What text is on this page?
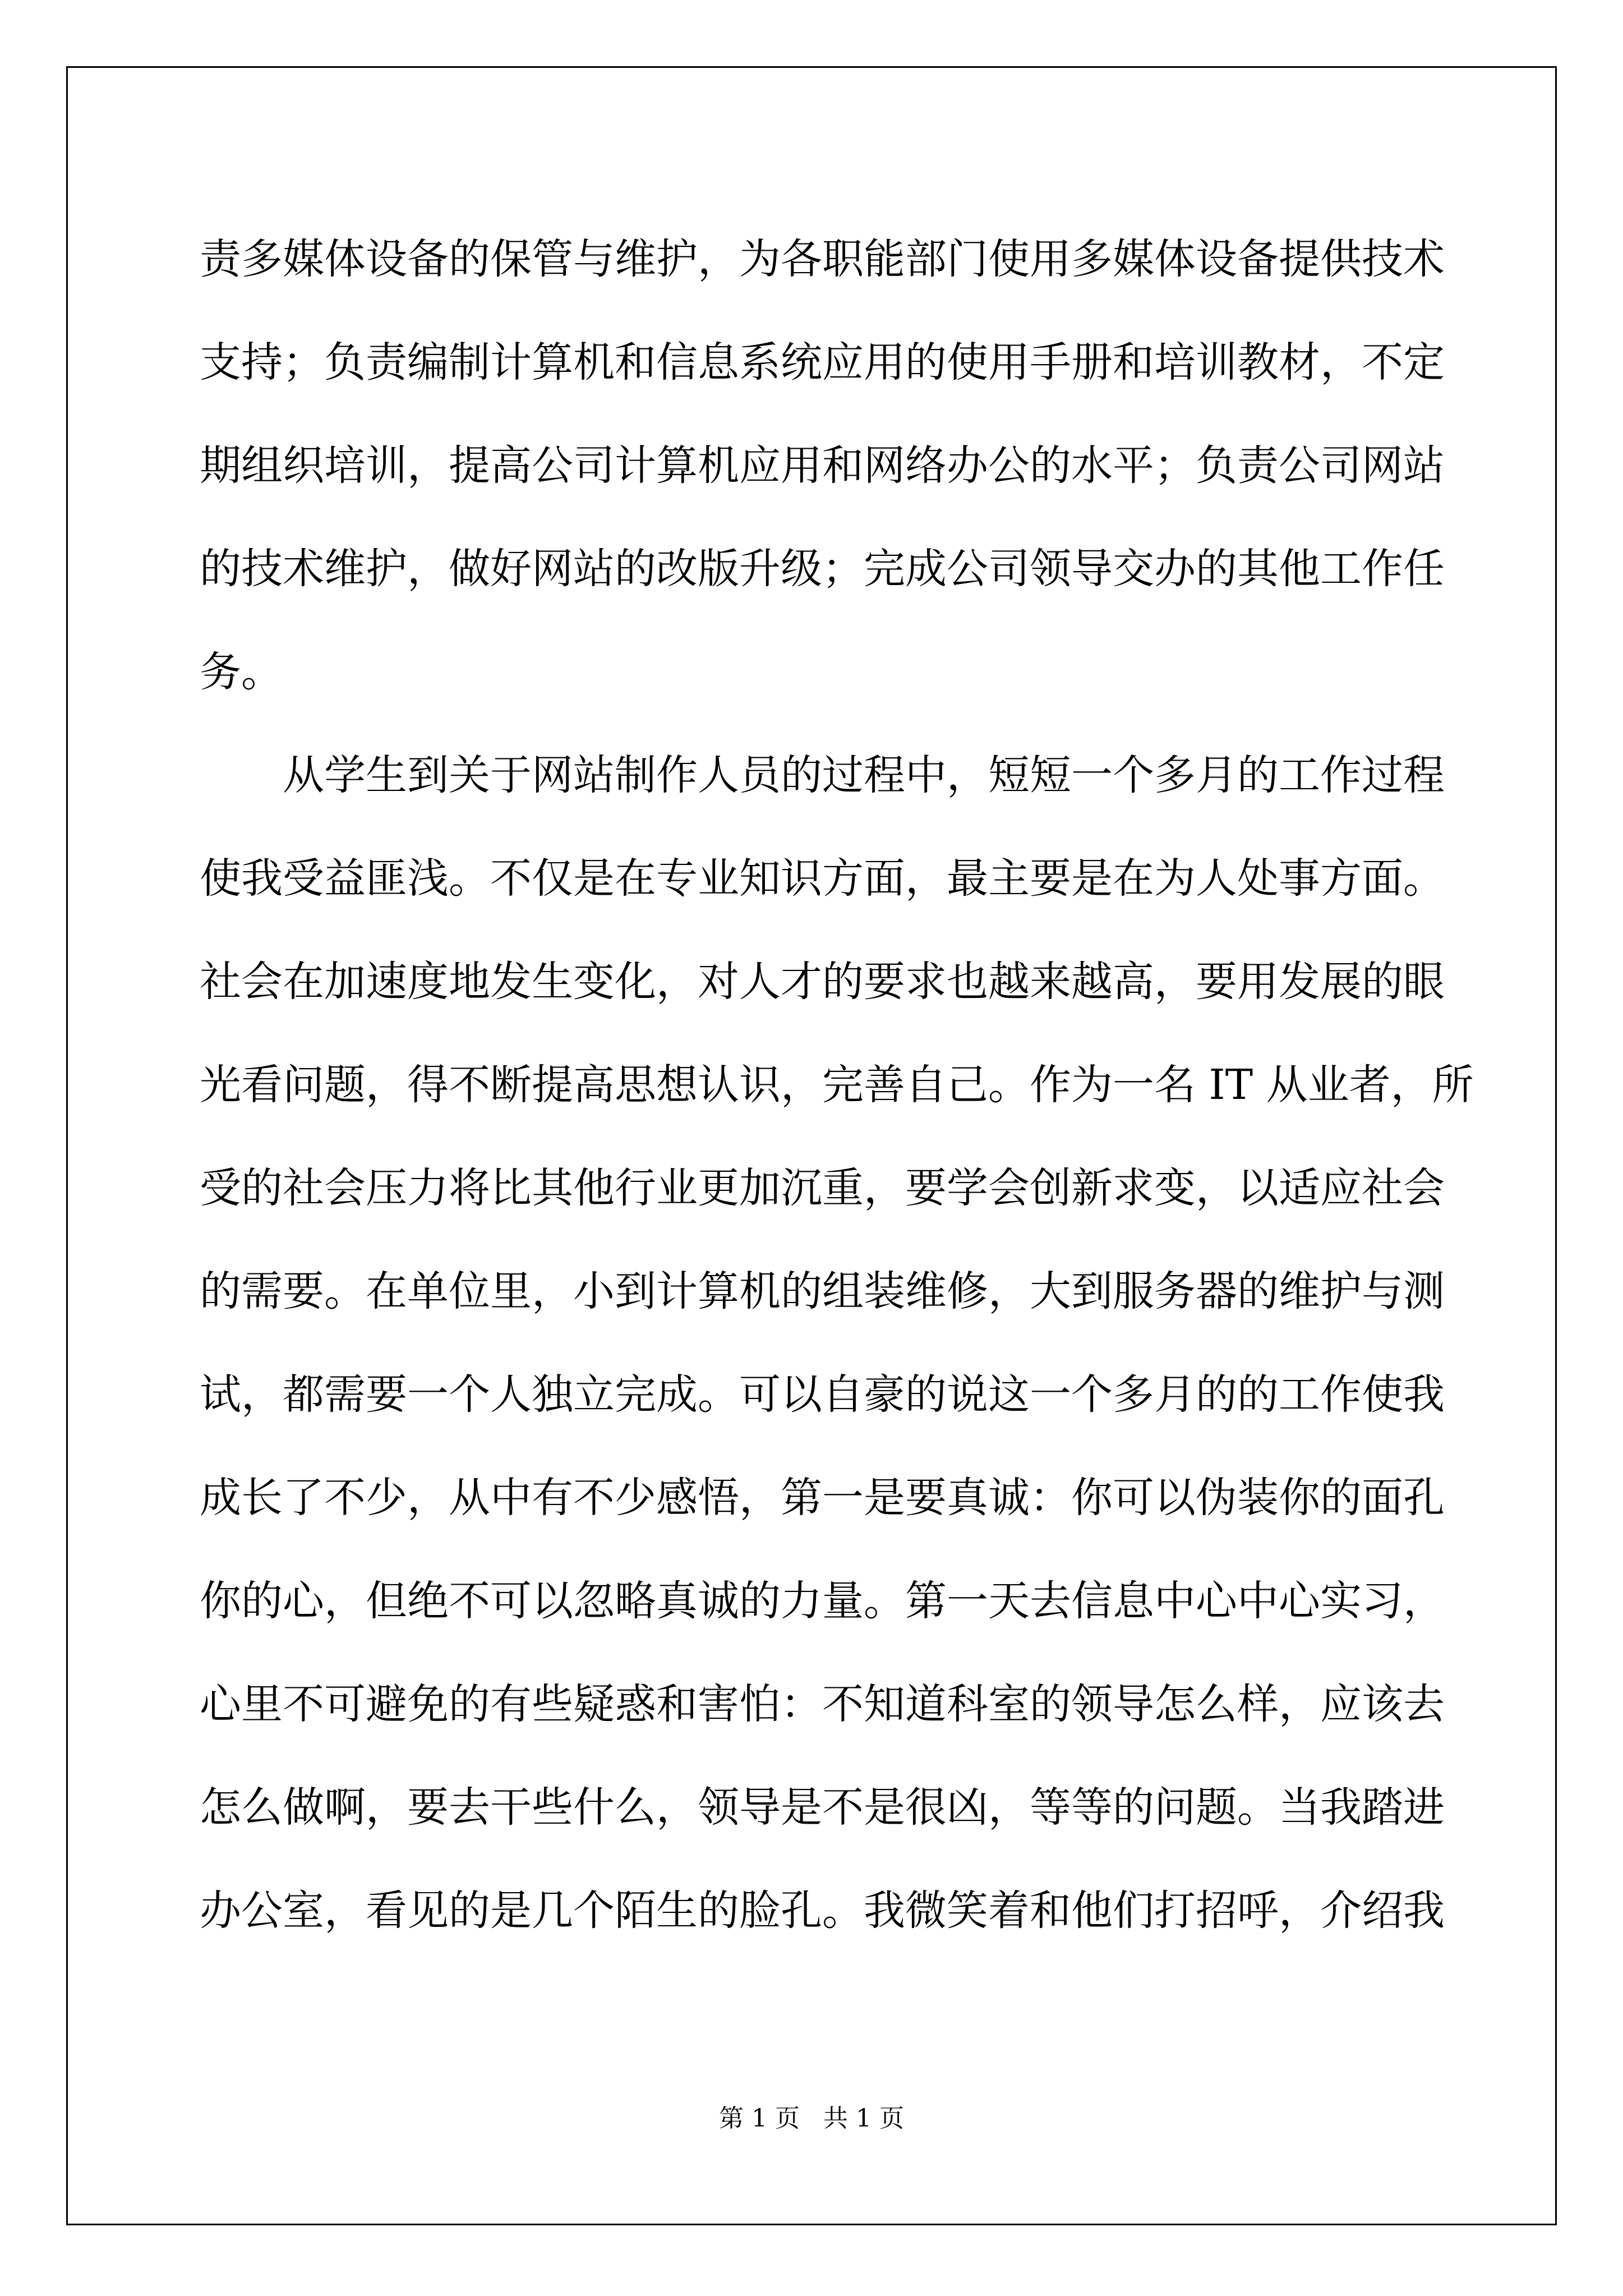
责多媒体设备的保管与维护，为各职能部门使用多媒体设备提供技术
支持；负责编制计算机和信息系统应用的使用手册和培训教材，不定
期组织培训，提高公司计算机应用和网络办公的水平；负责公司网站
的技术维护，做好网站的改版升级；完成公司领导交办的其他工作任
务。
从学生到关于网站制作人员的过程中，短短一个多月的工作过程
使我受益匪浅。不仅是在专业知识方面，最主要是在为人处事方面。
社会在加速度地发生变化，对人才的要求也越来越高，要用发展的眼
光看问题，得不断提高思想认识，完善自己。作为一名 IT 从业者，所
受的社会压力将比其他行业更加沉重，要学会创新求变，以适应社会
的需要。在单位里，小到计算机的组装维修，大到服务器的维护与测
试，都需要一个人独立完成。可以自豪的说这一个多月的的工作使我
成长了不少，从中有不少感悟，第一是要真诚：你可以伪装你的面孔
你的心，但绝不可以忽略真诚的力量。第一天去信息中心中心实习，
心里不可避免的有些疑惑和害怕：不知道科室的领导怎么样，应该去
怎么做啊，要去干些什么，领导是不是很凶，等等的问题。当我踏进
办公室，看见的是几个陌生的脸孔。我微笑着和他们打招呼，介绍我
第 1 页   共 1 页
